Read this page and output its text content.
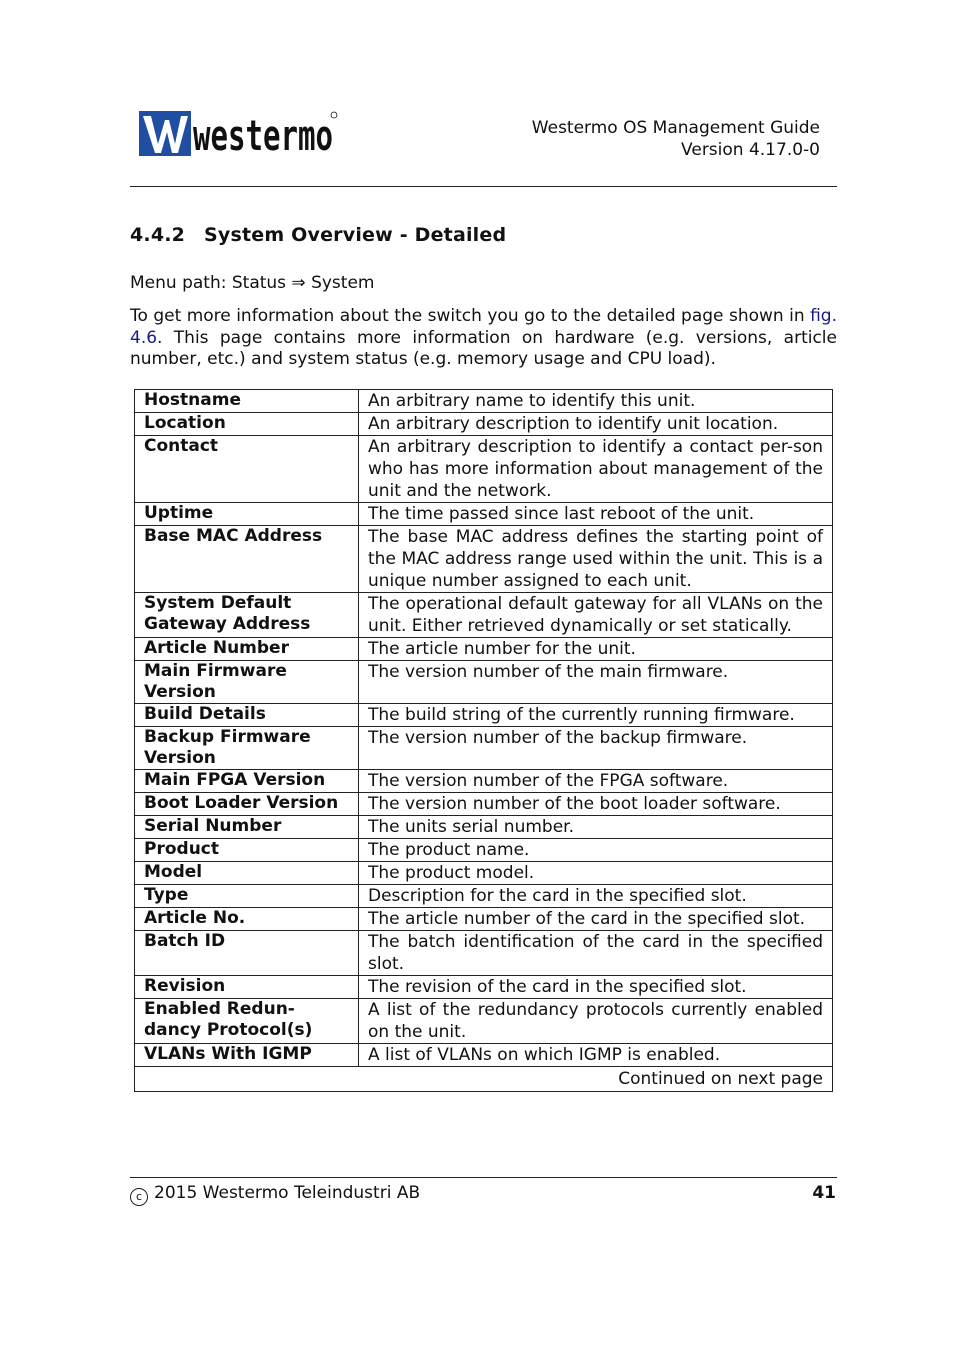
westermo	Westermo OS Management Guide
Version 4.17.0-0
4.4.2 System Overview - Detailed
Menu path: Status ⇒ System
To get more information about the switch you go to the detailed page shown in fig. 4.6. This page contains more information on hardware (e.g. versions, article number, etc.) and system status (e.g. memory usage and CPU load).
Hostname	An arbitrary name to identify this unit.
Location	An arbitrary description to identify unit location.
Contact	An arbitrary description to identify a contact per-son who has more information about management of the unit and the network.
Uptime	The time passed since last reboot of the unit.
Base MAC Address	The base MAC address defines the starting point of the MAC address range used within the unit. This is a unique number assigned to each unit.
System Default Gateway Address	The operational default gateway for all VLANs on the unit. Either retrieved dynamically or set statically.
Article Number	The article number for the unit.
Main Firmware Version	The version number of the main firmware.
Build Details	The build string of the currently running firmware.
Backup Firmware Version	The version number of the backup firmware.
Main FPGA Version	The version number of the FPGA software.
Boot Loader Version	The version number of the boot loader software.
Serial Number	The units serial number.
Product	The product name.
Model	The product model.
Type	Description for the card in the specified slot.
Article No.	The article number of the card in the specified slot.
Batch ID	The batch identification of the card in the specified slot.
Revision	The revision of the card in the specified slot.
Enabled Redun-dancy Protocol(s)	A list of the redundancy protocols currently enabled on the unit.
VLANs With IGMP	A list of VLANs on which IGMP is enabled.
Continued on next page	
c 2015 Westermo Teleindustri AB	41
